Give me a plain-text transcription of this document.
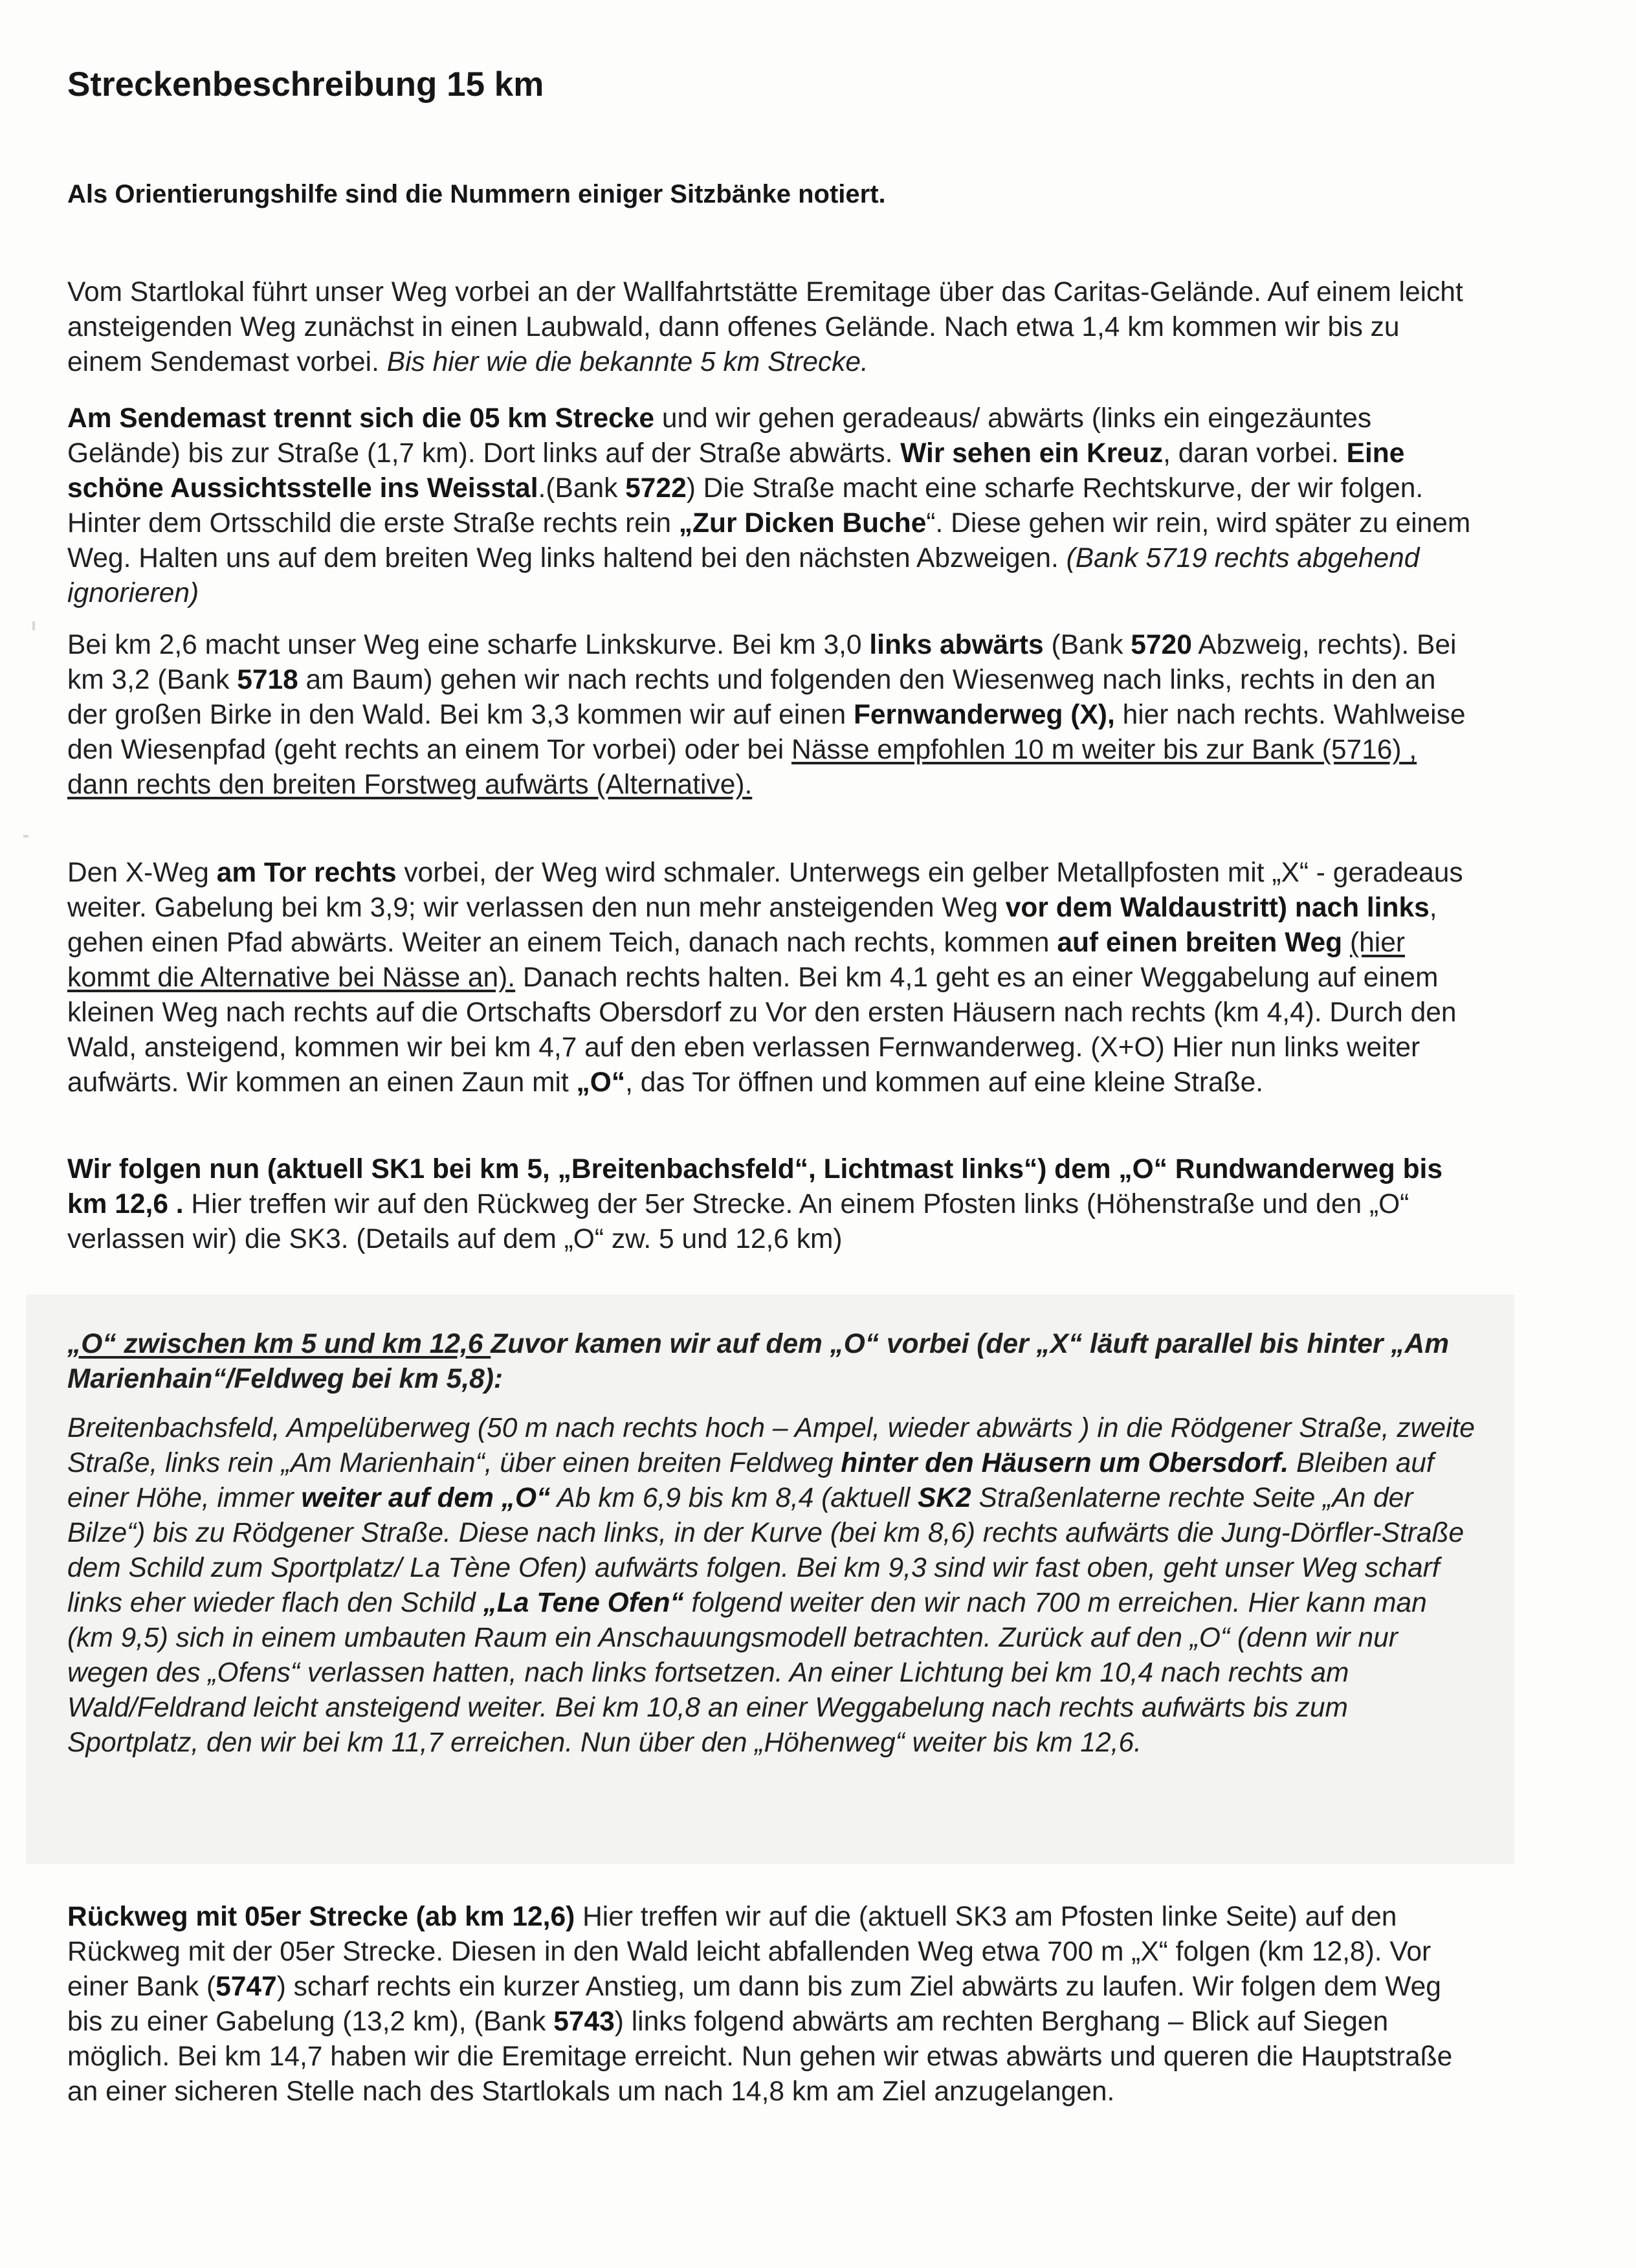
Streckenbeschreibung 15 km
Als Orientierungshilfe sind die Nummern einiger Sitzbänke notiert.

Vom Startlokal führt unser Weg vorbei an der Wallfahrtstätte Eremitage über das Caritas-Gelände. Auf einem leicht ansteigenden Weg zunächst in einen Laubwald, dann offenes Gelände. Nach etwa 1,4 km kommen wir bis zu einem Sendemast vorbei. Bis hier wie die bekannte 5 km Strecke.

Am Sendemast trennt sich die 05 km Strecke und wir gehen geradeaus/ abwärts (links ein eingezäuntes Gelände) bis zur Straße (1,7 km). Dort links auf der Straße abwärts. Wir sehen ein Kreuz, daran vorbei. Eine schöne Aussichtsstelle ins Weisstal.(Bank 5722) Die Straße macht eine scharfe Rechtskurve, der wir folgen. Hinter dem Ortsschild die erste Straße rechts rein „Zur Dicken Buche“. Diese gehen wir rein, wird später zu einem Weg. Halten uns auf dem breiten Weg links haltend bei den nächsten Abzweigen. (Bank 5719 rechts abgehend ignorieren)

Bei km 2,6 macht unser Weg eine scharfe Linkskurve. Bei km 3,0 links abwärts (Bank 5720 Abzweig, rechts). Bei km 3,2 (Bank 5718 am Baum) gehen wir nach rechts und folgenden den Wiesenweg nach links, rechts in den an der großen Birke in den Wald. Bei km 3,3 kommen wir auf einen Fernwanderweg (X), hier nach rechts. Wahlweise den Wiesenpfad (geht rechts an einem Tor vorbei) oder bei Nässe empfohlen 10 m weiter bis zur Bank (5716) , dann rechts den breiten Forstweg aufwärts (Alternative).

Den X-Weg am Tor rechts vorbei, der Weg wird schmaler. Unterwegs ein gelber Metallpfosten mit „X“ - geradeaus weiter. Gabelung bei km 3,9; wir verlassen den nun mehr ansteigenden Weg vor dem Waldaustritt) nach links, gehen einen Pfad abwärts. Weiter an einem Teich, danach nach rechts, kommen auf einen breiten Weg (hier kommt die Alternative bei Nässe an). Danach rechts halten. Bei km 4,1 geht es an einer Weggabelung auf einem kleinen Weg nach rechts auf die Ortschafts Obersdorf zu Vor den ersten Häusern nach rechts (km 4,4). Durch den Wald, ansteigend, kommen wir bei km 4,7 auf den eben verlassen Fernwanderweg. (X+O) Hier nun links weiter aufwärts. Wir kommen an einen Zaun mit „O“, das Tor öffnen und kommen auf eine kleine Straße.

Wir folgen nun (aktuell SK1 bei km 5, „Breitenbachsfeld“, Lichtmast links“) dem „O“ Rundwanderweg bis km 12,6 . Hier treffen wir auf den Rückweg der 5er Strecke. An einem Pfosten links (Höhenstraße und den „O“ verlassen wir) die SK3. (Details auf dem „O“ zw. 5 und 12,6 km)

„O“ zwischen km 5 und km 12,6 Zuvor kamen wir auf dem „O“ vorbei (der „X“ läuft parallel bis hinter „Am Marienhain“/Feldweg bei km 5,8):

Breitenbachsfeld, Ampelüberweg (50 m nach rechts hoch – Ampel, wieder abwärts ) in die Rödgener Straße, zweite Straße, links rein „Am Marienhain“, über einen breiten Feldweg hinter den Häusern um Obersdorf. Bleiben auf einer Höhe, immer weiter auf dem „O“ Ab km 6,9 bis km 8,4 (aktuell SK2 Straßenlaterne rechte Seite „An der Bilze“) bis zu Rödgener Straße. Diese nach links, in der Kurve (bei km 8,6) rechts aufwärts die Jung-Dörfler-Straße dem Schild zum Sportplatz/ La Tène Ofen) aufwärts folgen. Bei km 9,3 sind wir fast oben, geht unser Weg scharf links eher wieder flach den Schild „La Tene Ofen“ folgend weiter den wir nach 700 m erreichen. Hier kann man (km 9,5) sich in einem umbauten Raum ein Anschauungsmodell betrachten. Zurück auf den „O“ (denn wir nur wegen des „Ofens“ verlassen hatten, nach links fortsetzen. An einer Lichtung bei km 10,4 nach rechts am Wald/Feldrand leicht ansteigend weiter. Bei km 10,8 an einer Weggabelung nach rechts aufwärts bis zum Sportplatz, den wir bei km 11,7 erreichen. Nun über den „Höhenweg“ weiter bis km 12,6.

Rückweg mit 05er Strecke (ab km 12,6) Hier treffen wir auf die (aktuell SK3 am Pfosten linke Seite) auf den Rückweg mit der 05er Strecke. Diesen in den Wald leicht abfallenden Weg etwa 700 m „X“ folgen (km 12,8). Vor einer Bank (5747) scharf rechts ein kurzer Anstieg, um dann bis zum Ziel abwärts zu laufen. Wir folgen dem Weg bis zu einer Gabelung (13,2 km), (Bank 5743) links folgend abwärts am rechten Berghang – Blick auf Siegen möglich. Bei km 14,7 haben wir die Eremitage erreicht. Nun gehen wir etwas abwärts und queren die Hauptstraße an einer sicheren Stelle nach des Startlokals um nach 14,8 km am Ziel anzugelangen.
